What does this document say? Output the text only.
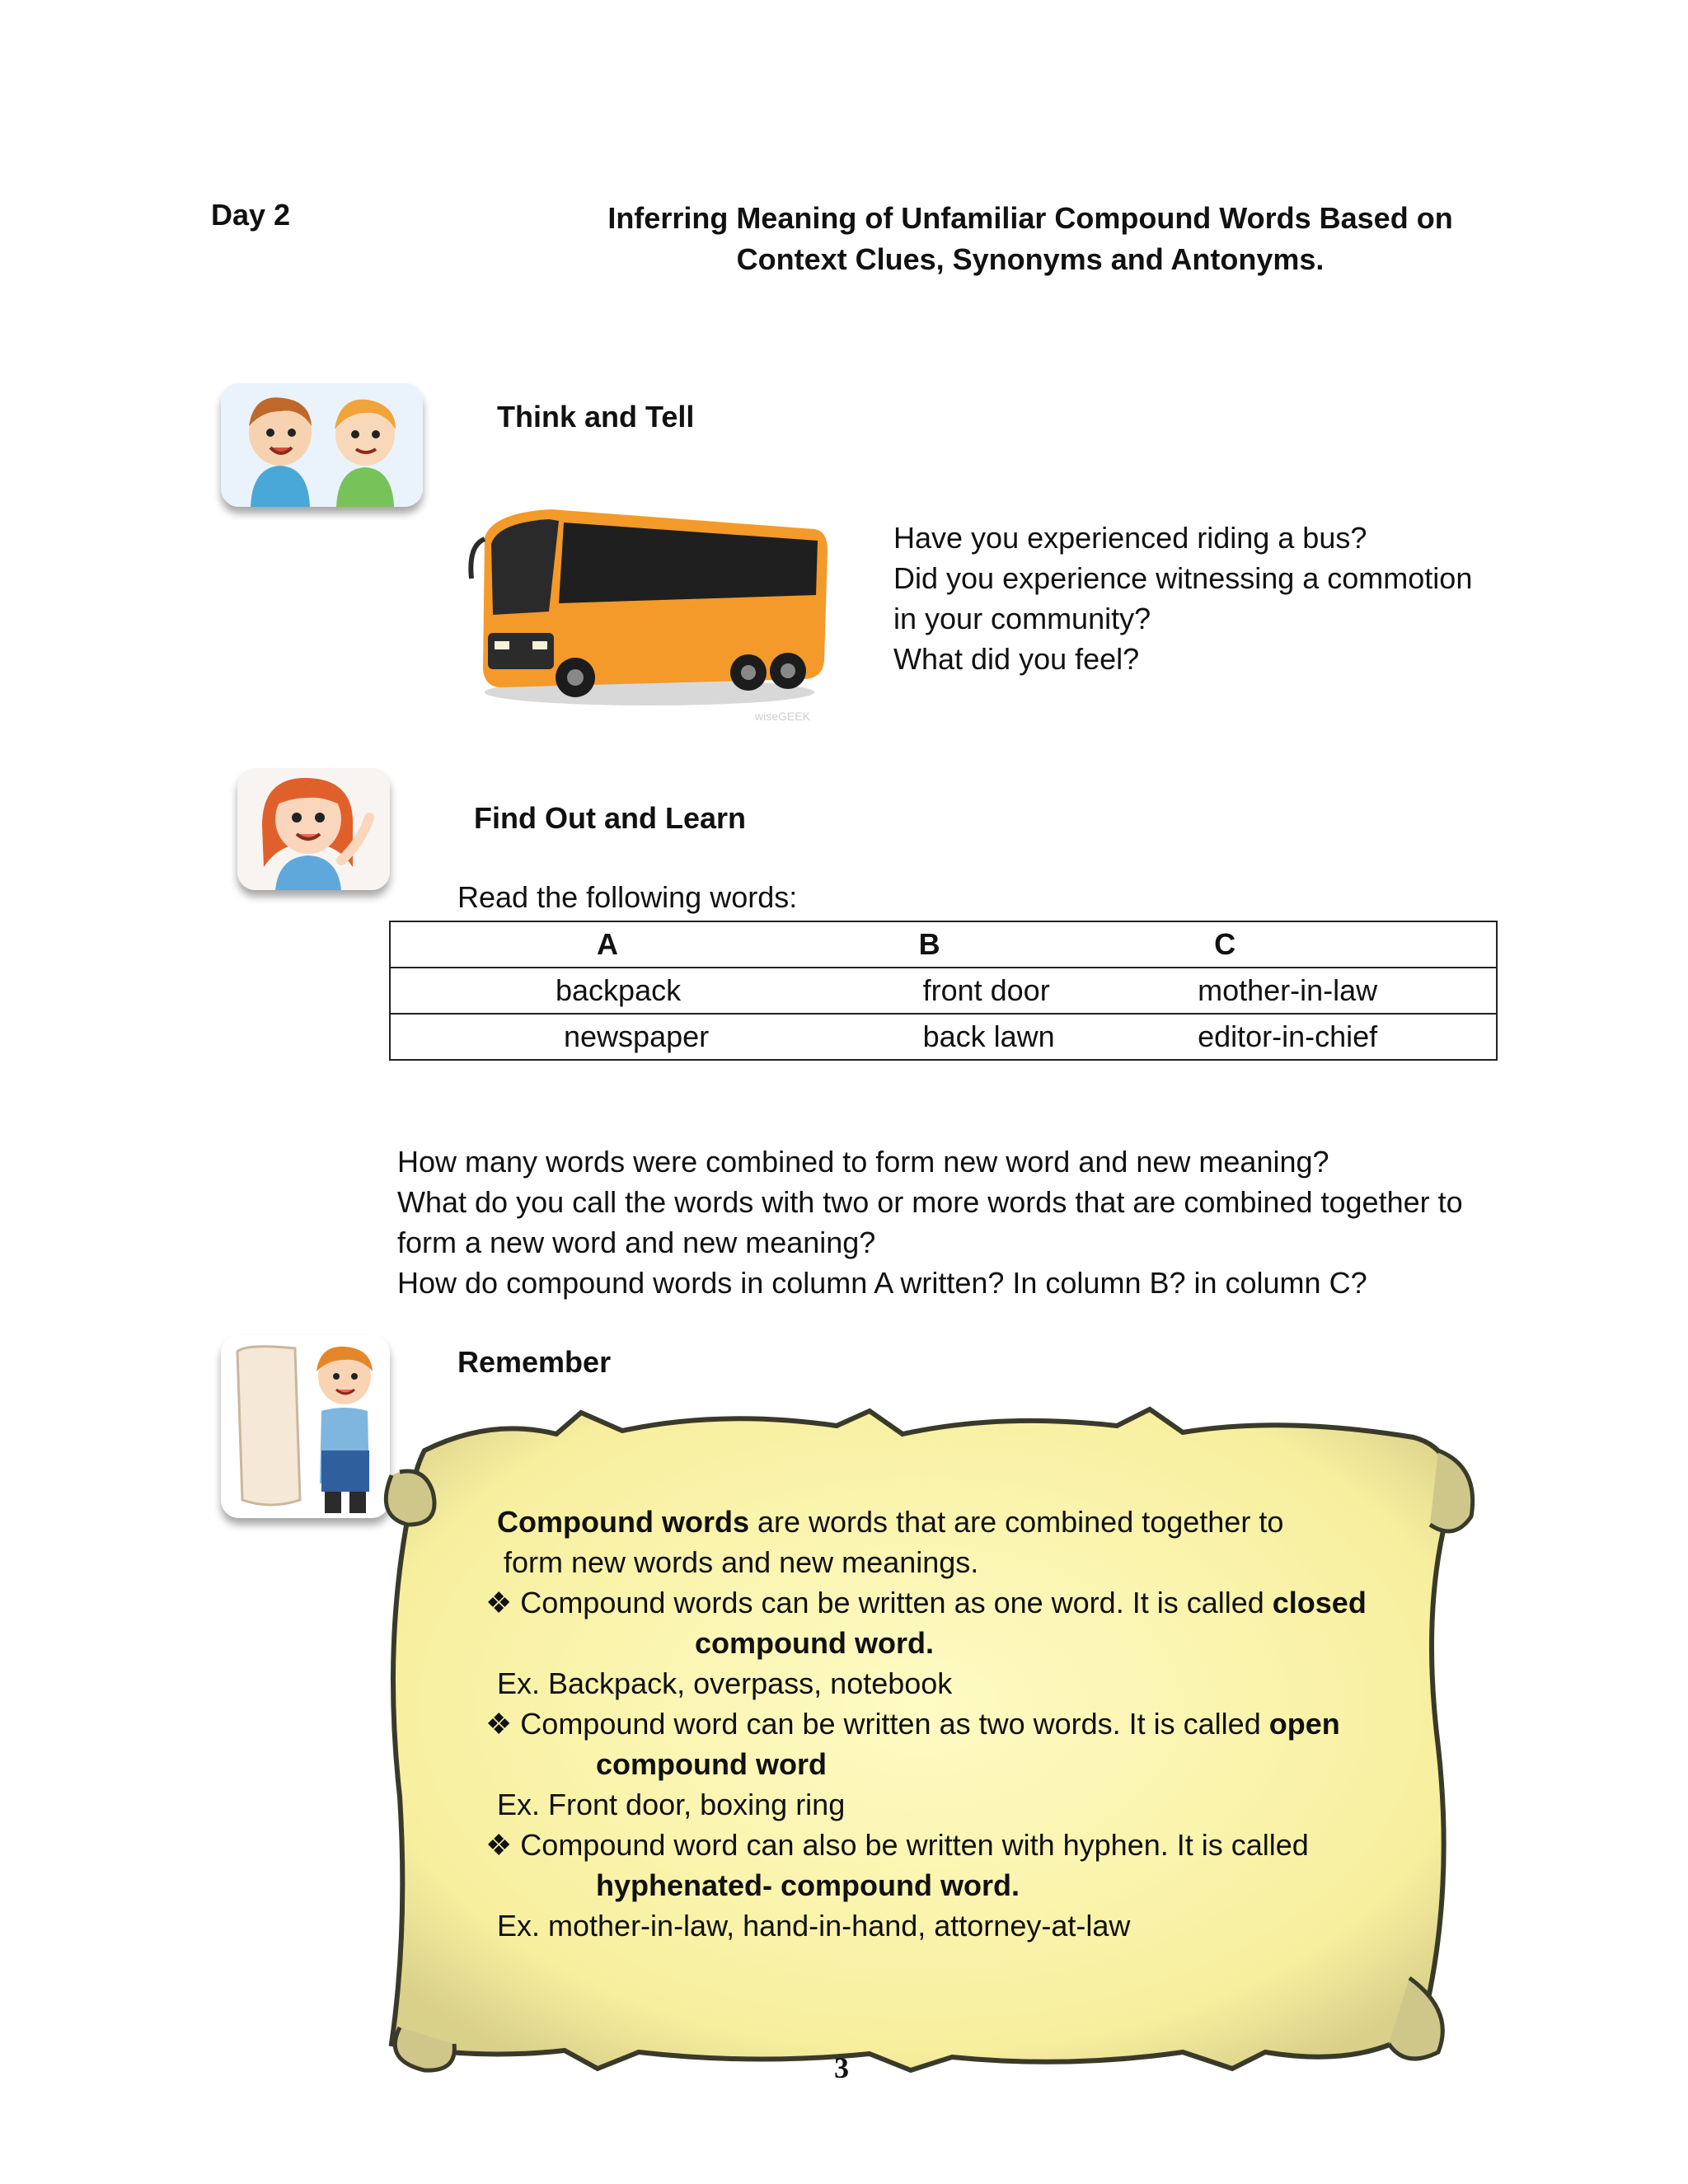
Day 2	Inferring Meaning of Unfamiliar Compound Words Based on
Context Clues, Synonyms and Antonyms.
Think and Tell
wiseGEEK
Have you experienced riding a bus?
Did you experience witnessing a commotion
in your community?
What did you feel?
Find Out and Learn
Read the following words:
A	B	C
backpack	front door	mother-in-law
newspaper	back lawn	editor-in-chief
How many words were combined to form new word and new meaning?
What do you call the words with two or more words that are combined together to
form a new word and new meaning?
How do compound words in column A written? In column B? in column C?
Remember
Compound words are words that are combined together to
form new words and new meanings.
❖ Compound words can be written as one word. It is called closed
compound word.
Ex. Backpack, overpass, notebook
❖ Compound word can be written as two words. It is called open
compound word
Ex. Front door, boxing ring
❖ Compound word can also be written with hyphen. It is called
hyphenated- compound word.
Ex. mother-in-law, hand-in-hand, attorney-at-law
3
